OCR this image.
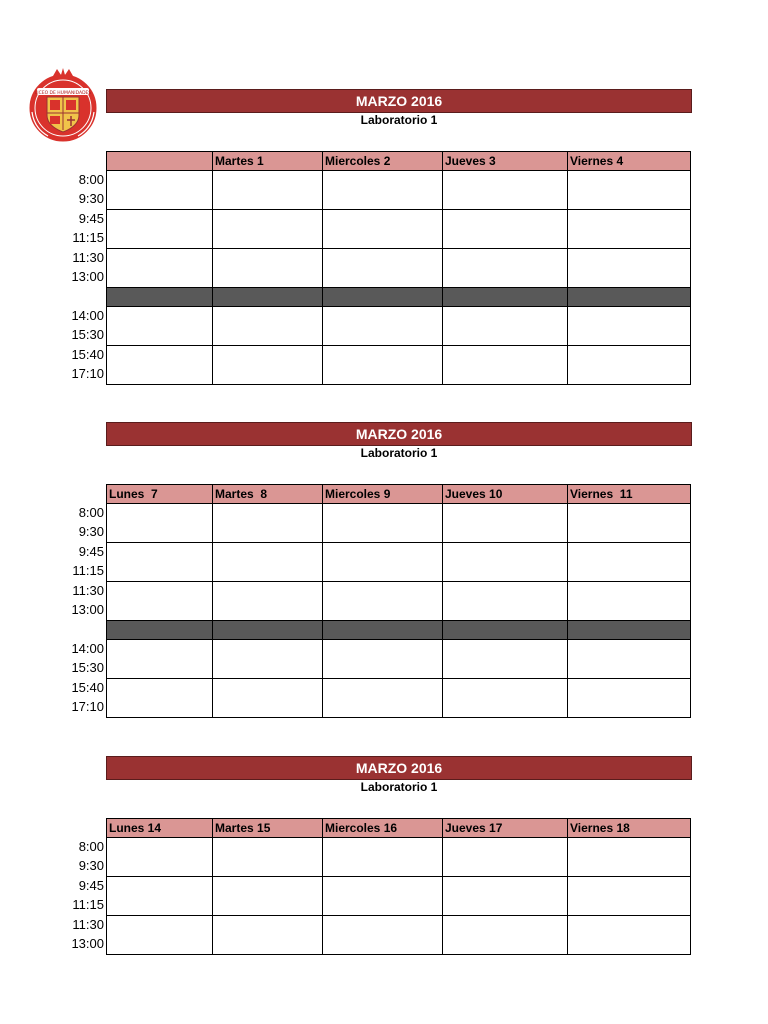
LICEO DE HUMANIDADES	MARZO 2016
Laboratorio 1
	Martes 1	Miercoles 2	Jueves 3	Viernes 4

8:00
9:30
9:45
11:15
11:30
13:00
14:00
15:30
15:40
17:10
MARZO 2016
Laboratorio 1
Lunes  7	Martes  8	Miercoles 9	Jueves 10	Viernes  11

8:00
9:30
9:45
11:15
11:30
13:00
14:00
15:30
15:40
17:10
MARZO 2016
Laboratorio 1
Lunes 14	Martes 15	Miercoles 16	Jueves 17	Viernes 18

8:00
9:30
9:45
11:15
11:30
13:00
